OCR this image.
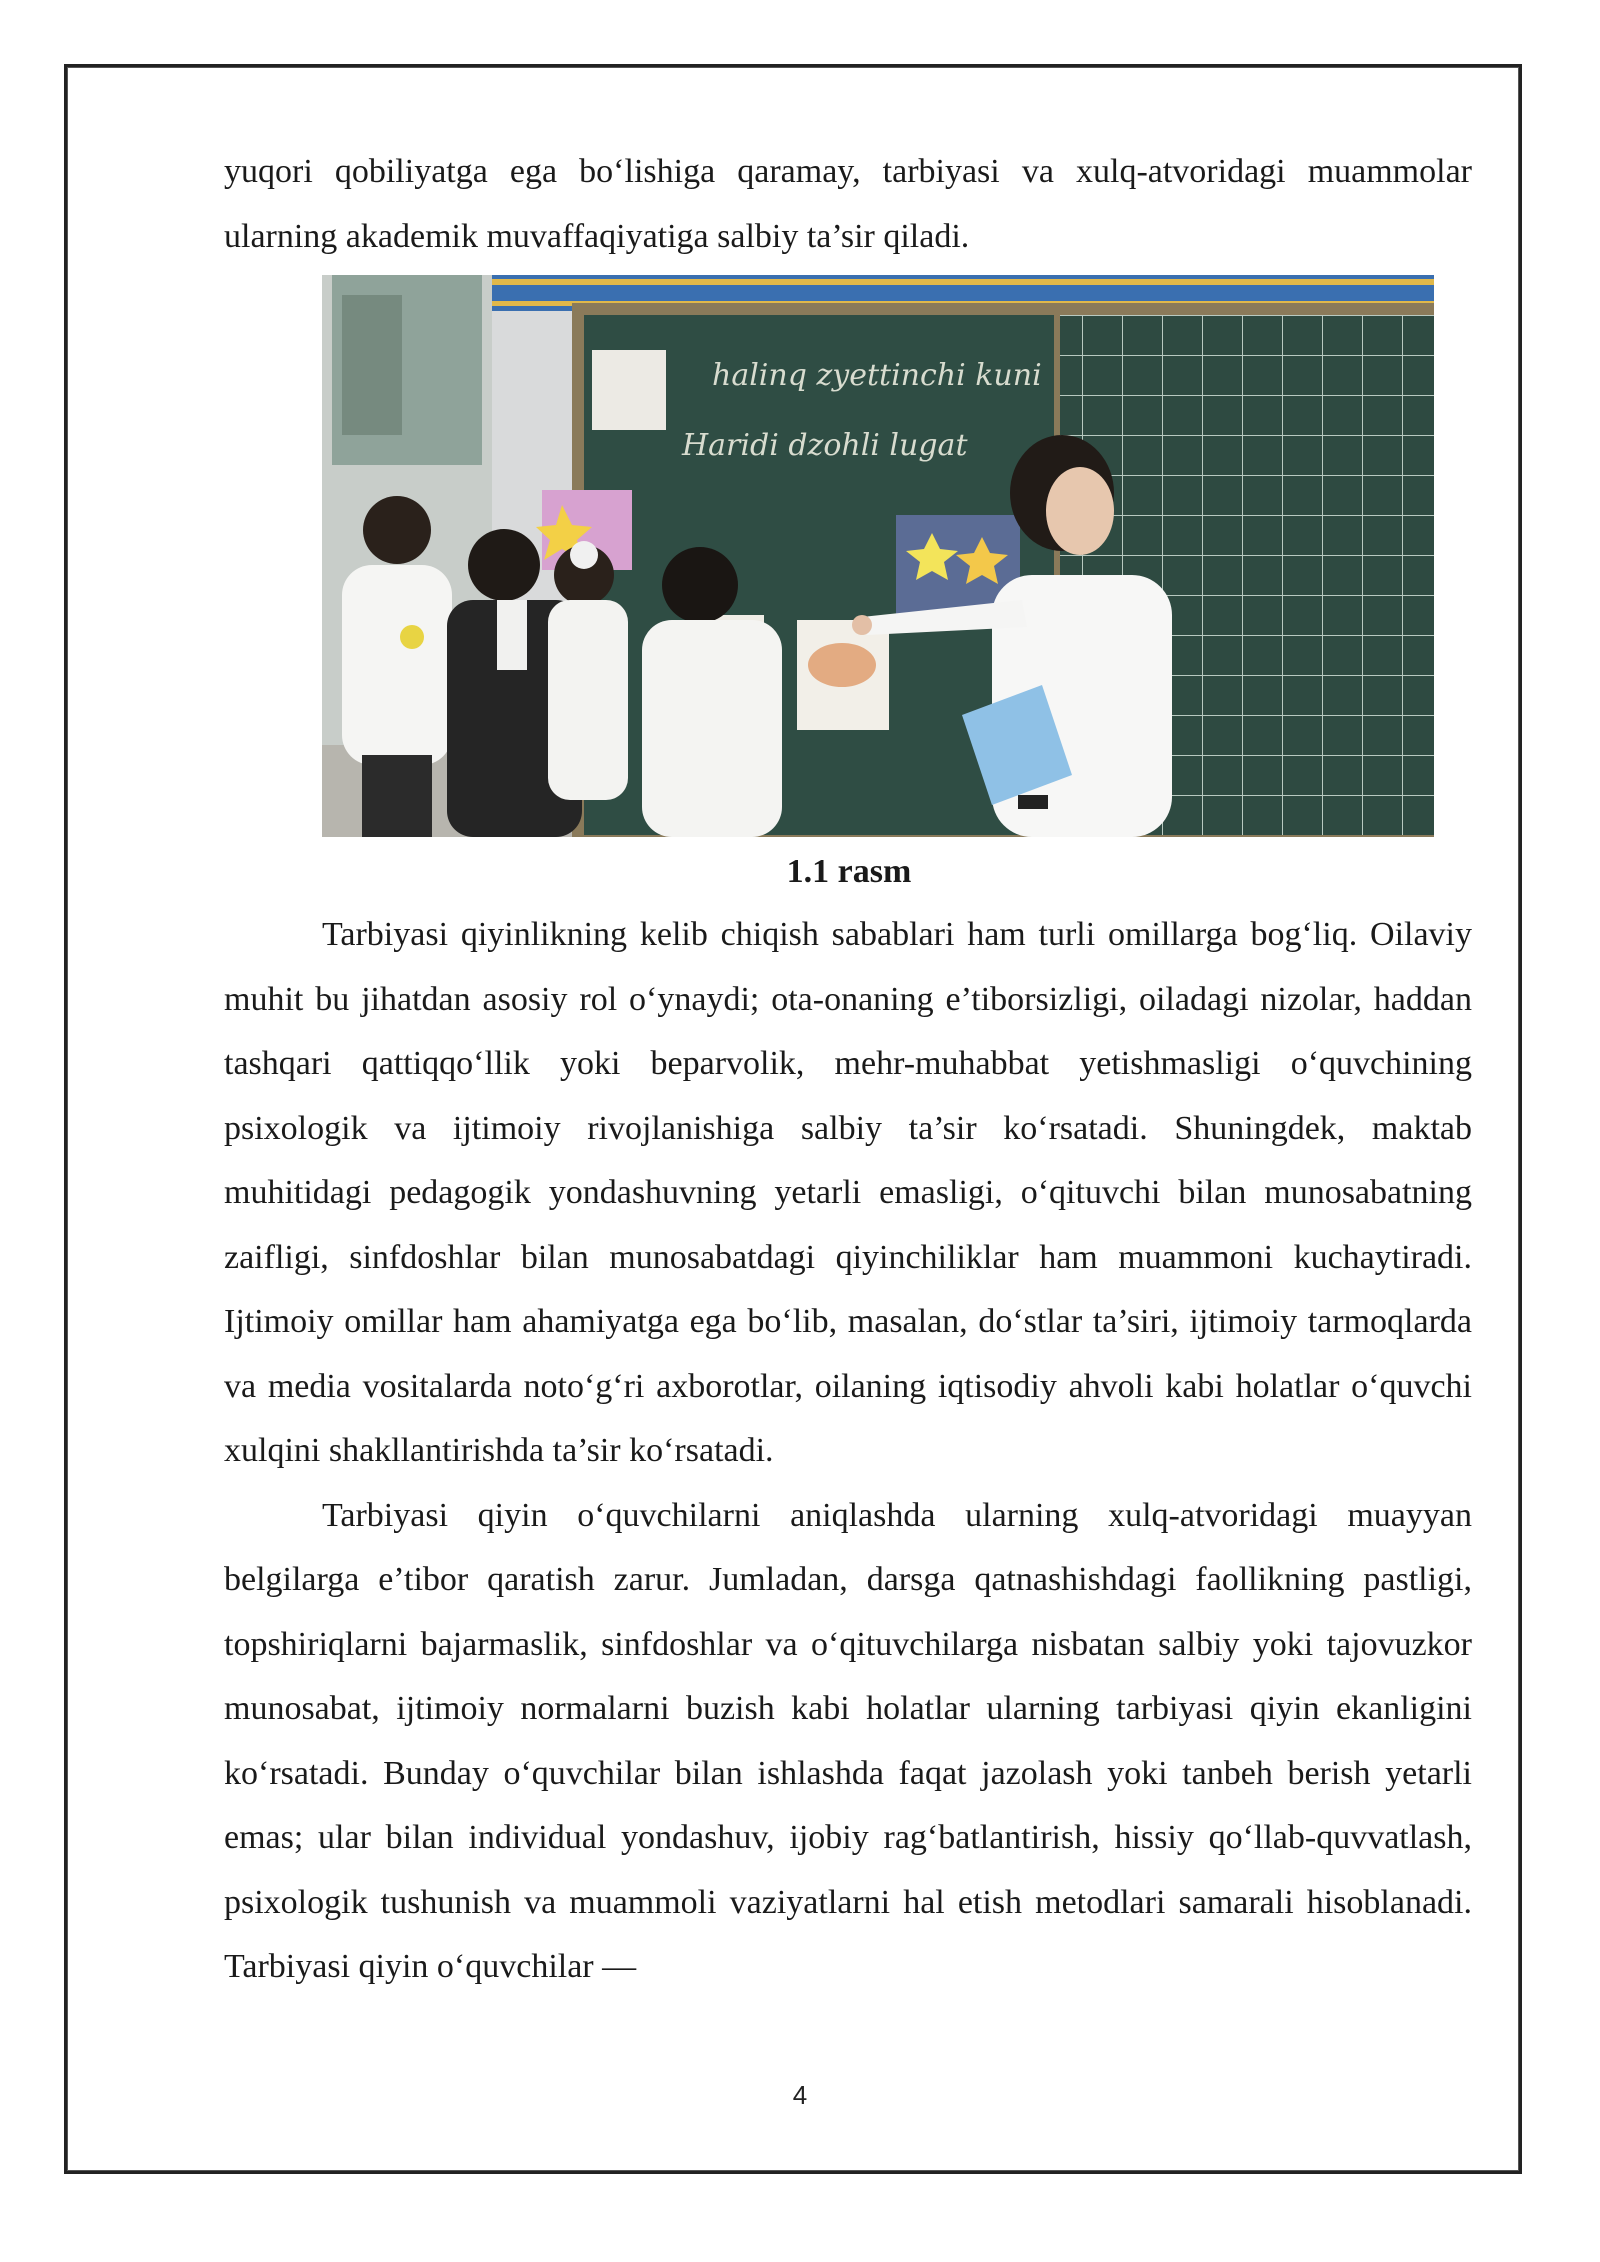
yuqori qobiliyatga ega bo‘lishiga qaramay, tarbiyasi va xulq-atvoridagi muammolar ularning akademik muvaffaqiyatiga salbiy ta’sir qiladi.

halinq zyettinchi kuni
Haridi dzohli lugat
1.1 rasm

Tarbiyasi qiyinlikning kelib chiqish sabablari ham turli omillarga bog‘liq. Oilaviy muhit bu jihatdan asosiy rol o‘ynaydi; ota-onaning e’tiborsizligi, oiladagi nizolar, haddan tashqari qattiqqo‘llik yoki beparvolik, mehr-muhabbat yetishmasligi o‘quvchining psixologik va ijtimoiy rivojlanishiga salbiy ta’sir ko‘rsatadi. Shuningdek, maktab muhitidagi pedagogik yondashuvning yetarli emasligi, o‘qituvchi bilan munosabatning zaifligi, sinfdoshlar bilan munosabatdagi qiyinchiliklar ham muammoni kuchaytiradi. Ijtimoiy omillar ham ahamiyatga ega bo‘lib, masalan, do‘stlar ta’siri, ijtimoiy tarmoqlarda va media vositalarda noto‘g‘ri axborotlar, oilaning iqtisodiy ahvoli kabi holatlar o‘quvchi xulqini shakllantirishda ta’sir ko‘rsatadi.

Tarbiyasi qiyin o‘quvchilarni aniqlashda ularning xulq-atvoridagi muayyan belgilarga e’tibor qaratish zarur. Jumladan, darsga qatnashishdagi faollikning pastligi, topshiriqlarni bajarmaslik, sinfdoshlar va o‘qituvchilarga nisbatan salbiy yoki tajovuzkor munosabat, ijtimoiy normalarni buzish kabi holatlar ularning tarbiyasi qiyin ekanligini ko‘rsatadi. Bunday o‘quvchilar bilan ishlashda faqat jazolash yoki tanbeh berish yetarli emas; ular bilan individual yondashuv, ijobiy rag‘batlantirish, hissiy qo‘llab-quvvatlash, psixologik tushunish va muammoli vaziyatlarni hal etish metodlari samarali hisoblanadi. Tarbiyasi qiyin o‘quvchilar —

4
